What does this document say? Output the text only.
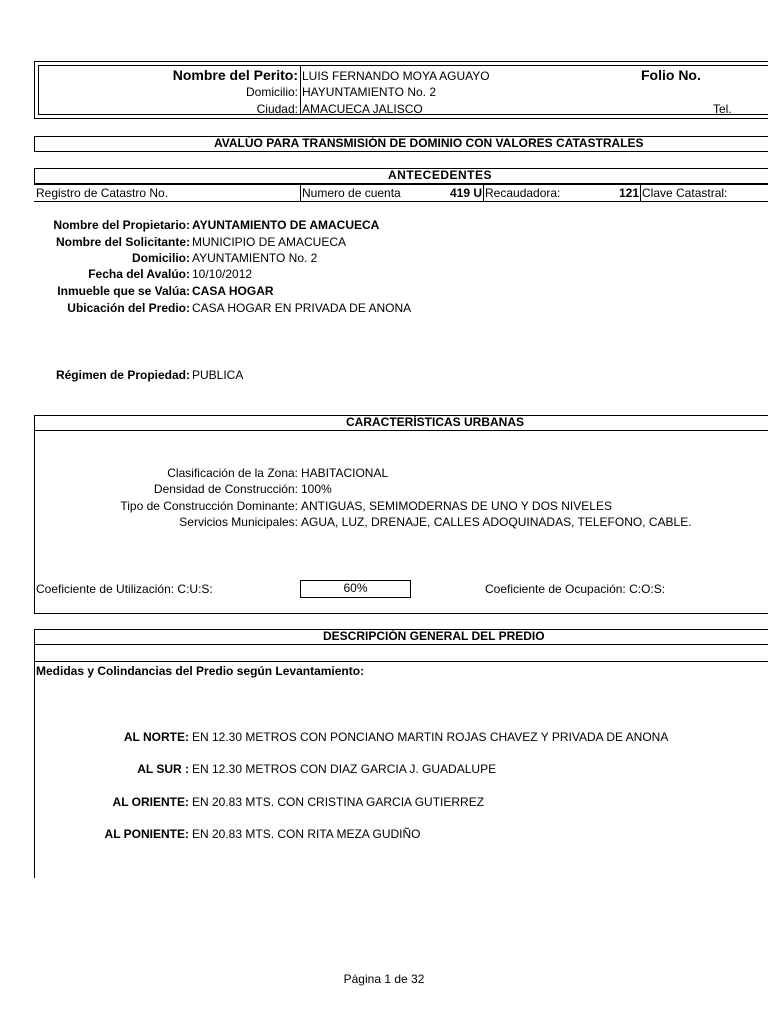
Nombre del Perito: LUIS FERNANDO MOYA AGUAYO	Folio No.
Domicilio: HAYUNTAMIENTO No. 2
Ciudad: AMACUECA JALISCO	Tel.
AVALÚO PARA TRANSMISIÓN DE DOMINIO CON VALORES CATASTRALES
ANTECEDENTES
Registro de Catastro No.	Numero de cuenta	419 U Recaudadora:	121 Clave Catastral:
Nombre del Propietario: AYUNTAMIENTO DE AMACUECA
Nombre del Solicitante: MUNICIPIO DE AMACUECA
Domicilio: AYUNTAMIENTO No. 2
Fecha del Avalúo: 10/10/2012
Inmueble que se Valúa: CASA HOGAR
Ubicación del Predio: CASA HOGAR EN PRIVADA DE ANONA
Régimen de Propiedad: PUBLICA
CARACTERÍSTICAS URBANAS
Clasificación de la Zona: HABITACIONAL
Densidad de Construcción: 100%
Tipo de Construcción Dominante: ANTIGUAS, SEMIMODERNAS DE UNO Y DOS NIVELES
Servicios Municipales: AGUA, LUZ, DRENAJE, CALLES ADOQUINADAS, TELEFONO, CABLE.
Coeficiente de Utilización: C:U:S:	60%	Coeficiente de Ocupación: C:O:S:
DESCRIPCIÓN GENERAL DEL PREDIO
Medidas y Colindancias del Predio según Levantamiento:
AL NORTE: EN 12.30 METROS CON PONCIANO MARTIN ROJAS CHAVEZ Y PRIVADA DE ANONA
AL SUR : EN 12.30 METROS CON DIAZ GARCIA J. GUADALUPE
AL ORIENTE: EN 20.83 MTS. CON CRISTINA GARCIA GUTIERREZ
AL PONIENTE: EN 20.83 MTS. CON RITA MEZA GUDIÑO
Página 1 de 32
